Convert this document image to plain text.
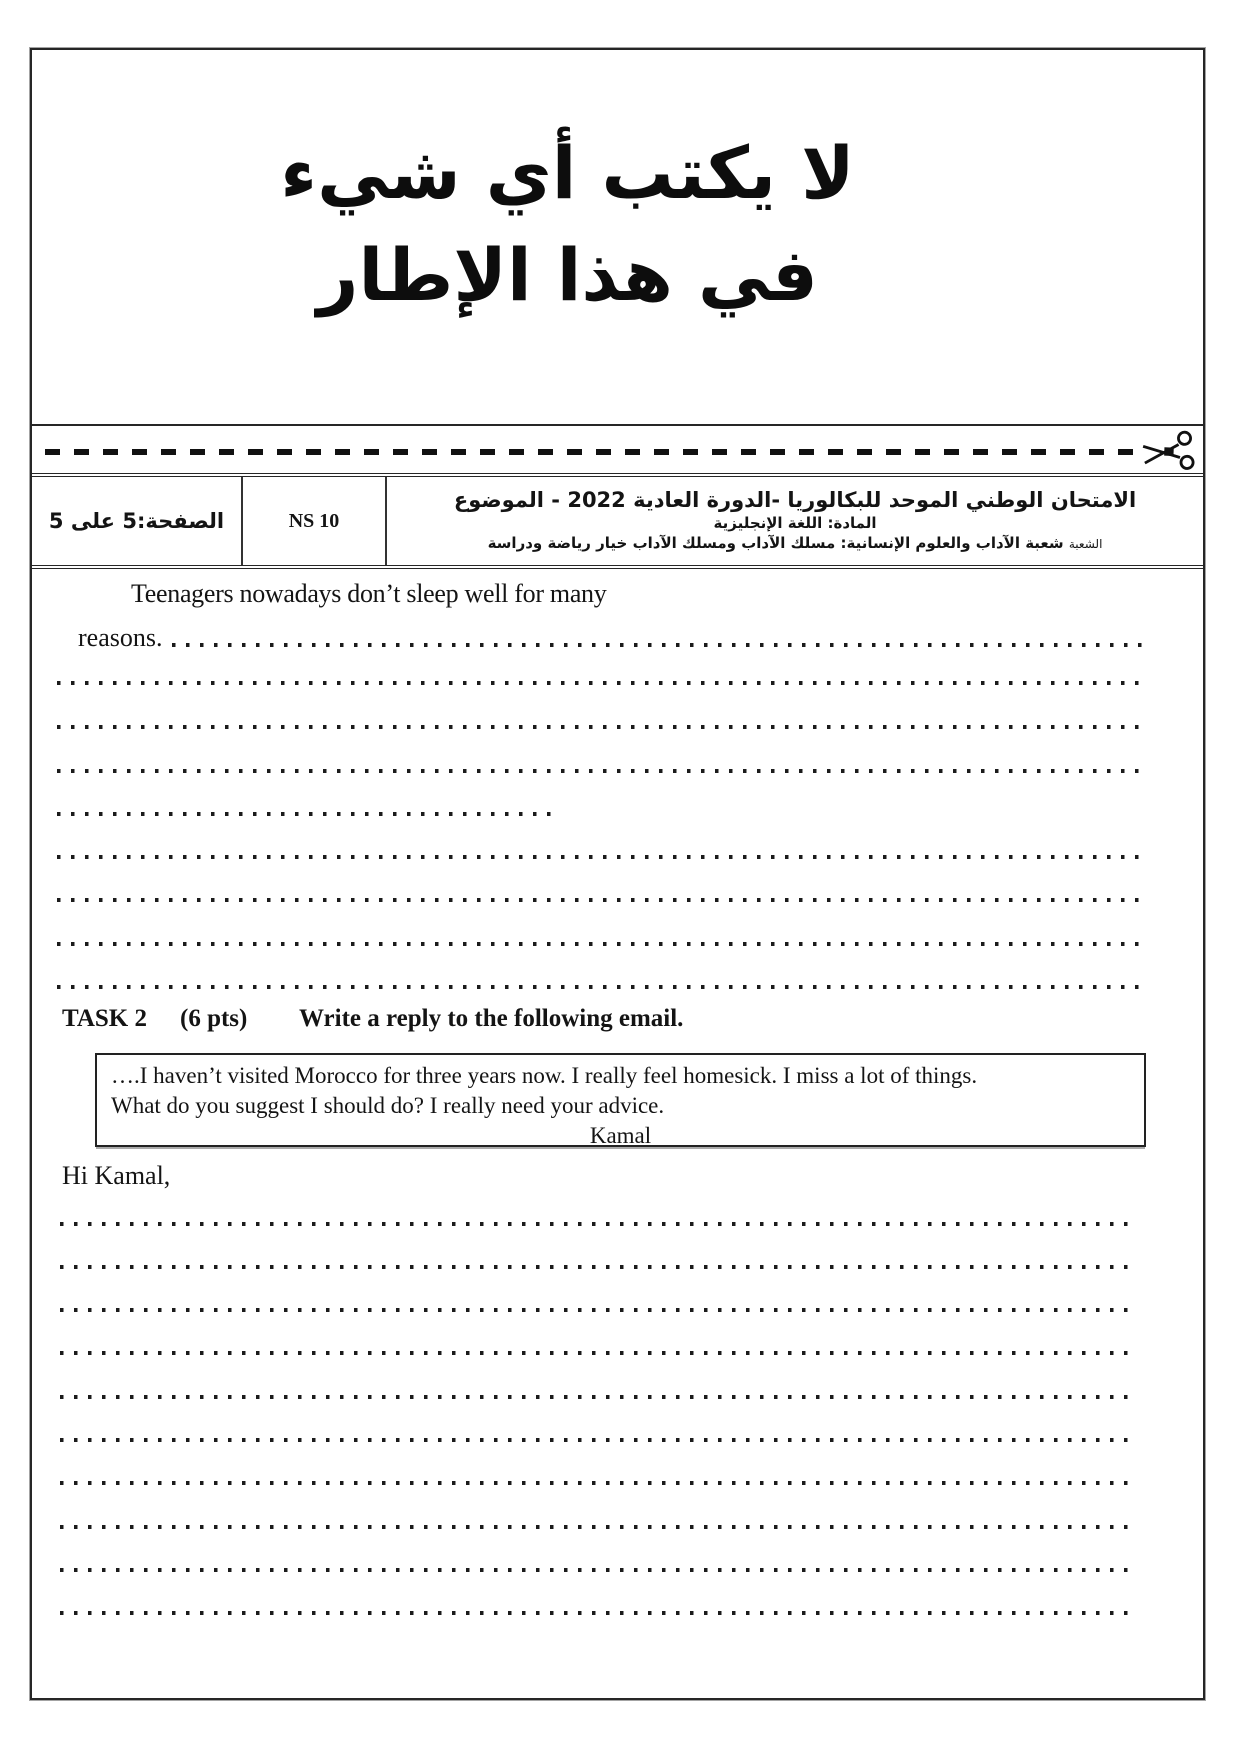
لا يكتب أي شيء
في هذا الإطار
الصفحة:5 على 5	NS 10
الامتحان الوطني الموحد للبكالوريا -الدورة العادية 2022 - الموضوع
المادة: اللغة الإنجليزية
الشعبة شعبة الآداب والعلوم الإنسانية: مسلك الآداب ومسلك الآداب خيار رياضة ودراسة
Teenagers nowadays don’t sleep well for many
reasons.
TASK 2 (6 pts) Write a reply to the following email.
….I haven’t visited Morocco for three years now. I really feel homesick. I miss a lot of things.
What do you suggest I should do? I really need your advice.
Kamal
Hi Kamal,
